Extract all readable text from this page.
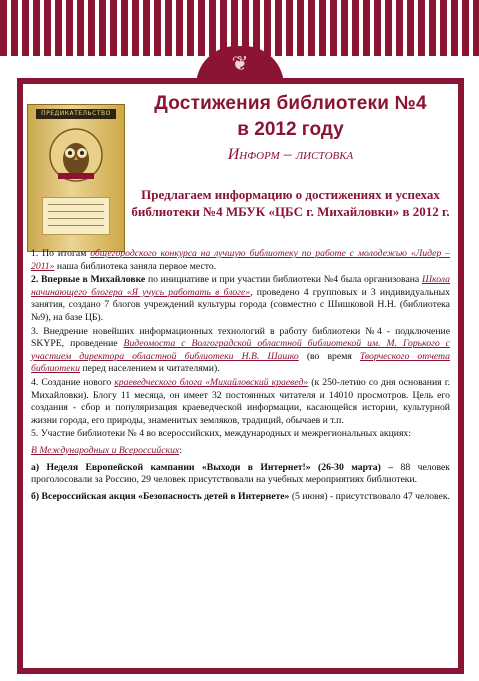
❦
ПРЕДИКАТЕЛЬСТВО	Достижения библиотеки №4
в 2012 году
Информ – листовка
Предлагаем информацию о достижениях и успехах библиотеки №4 МБУК «ЦБС г. Михайловки» в 2012 г.

1. По итогам общегородского конкурса на лучшую библиотеку по работе с молодежью «Лидер – 2011» наша библиотека заняла первое место.

2. Впервые в Михайловке по инициативе и при участии библиотеки №4 была организована Школа начинающего блогера «Я учусь работать в блоге», проведено 4 групповых и 3 индивидуальных занятия, создано 7 блогов учреждений культуры города (совместно с Шишковой Н.Н. (библиотека №9), на базе ЦБ).

3. Внедрение новейших информационных технологий в работу библиотеки №4 - подключение SKYPE, проведение Видеомоста с Волгоградской областной библиотекой им. М. Горького с участием директора областной библиотеки Н.В. Шашко (во время Творческого отчета библиотеки перед населением и читателями).

4. Создание нового краеведческого блога «Михайловский краевед» (к 250-летию со дня основания г. Михайловки). Блогу 11 месяца, он имеет 32 постоянных читателя и 14010 просмотров. Цель его создания - сбор и популяризация краеведческой информации, касающейся истории, культурной жизни города, его природы, знаменитых земляков, традиций, обычаев и т.п.

5. Участие библиотеки № 4 во всероссийских, международных и межрегиональных акциях:

В Международных и Всероссийских:

а) Неделя Европейской кампании «Выходи в Интернет!» (26-30 марта) – 88 человек проголосовали за Россию, 29 человек присутствовали на учебных мероприятиях библиотеки.

б) Всероссийская акция «Безопасность детей в Интернете» (5 июня) - присутствовало 47 человек.
